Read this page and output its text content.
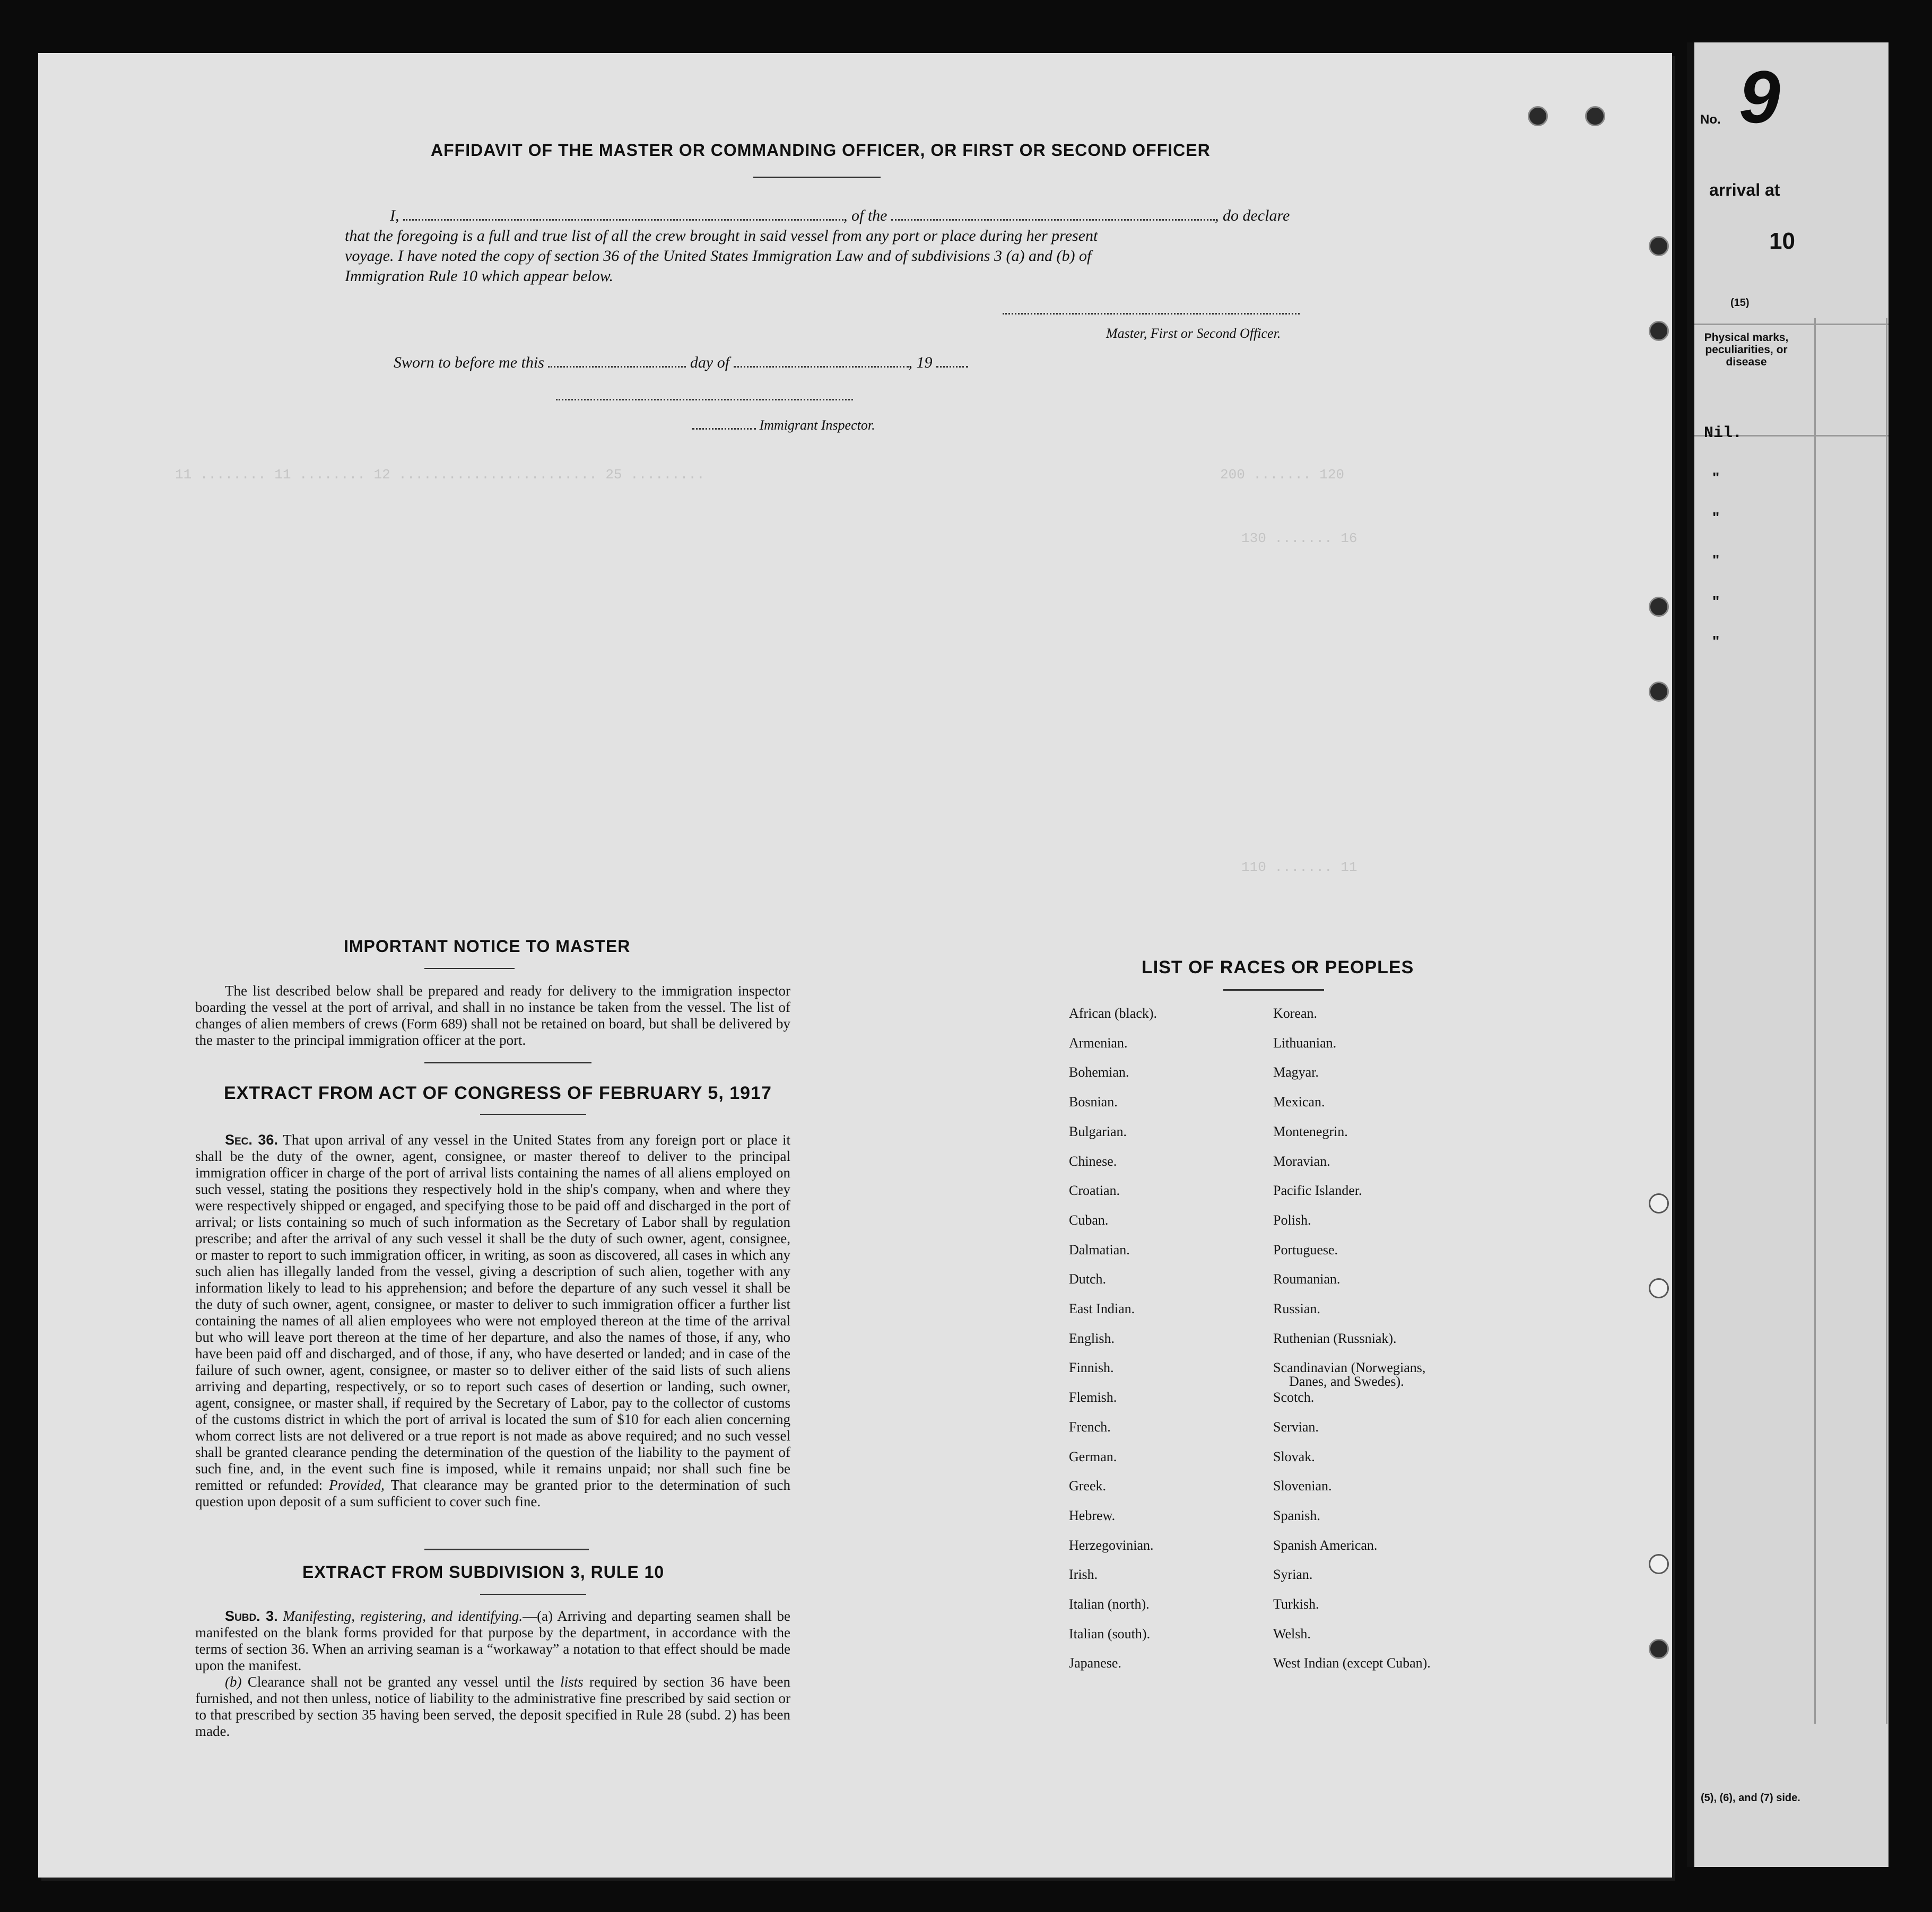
No. 9
arrival at
10
(15)
Physical marks, peculiarities, or disease
Nil.
"
"
"
"
"
(5), (6), and (7) side.
AFFIDAVIT OF THE MASTER OR COMMANDING OFFICER, OR FIRST OR SECOND OFFICER
I,	, of the	, do declare
that the foregoing is a full and true list of all the crew brought in said vessel from any port or place during her present
voyage. I have noted the copy of section 36 of the United States Immigration Law and of subdivisions 3 (a) and (b) of
Immigration Rule 10 which appear below.
Master, First or Second Officer.
Sworn to before me this	day of	, 19
Immigrant Inspector.
11 ........ 11 ........ 12 ........................ 25 .........	200 ....... 120
130 ....... 16
110 ....... 11
IMPORTANT NOTICE TO MASTER

The list described below shall be prepared and ready for delivery to the immigration inspector boarding the vessel at the port of arrival, and shall in no instance be taken from the vessel. The list of changes of alien members of crews (Form 689) shall not be retained on board, but shall be delivered by the master to the principal immigration officer at the port.

EXTRACT FROM ACT OF CONGRESS OF FEBRUARY 5, 1917

Sec. 36. That upon arrival of any vessel in the United States from any foreign port or place it shall be the duty of the owner, agent, consignee, or master thereof to deliver to the principal immigration officer in charge of the port of arrival lists containing the names of all aliens employed on such vessel, stating the positions they respectively hold in the ship's company, when and where they were respectively shipped or engaged, and specifying those to be paid off and discharged in the port of arrival; or lists containing so much of such information as the Secretary of Labor shall by regulation prescribe; and after the arrival of any such vessel it shall be the duty of such owner, agent, consignee, or master to report to such immigration officer, in writing, as soon as discovered, all cases in which any such alien has illegally landed from the vessel, giving a description of such alien, together with any information likely to lead to his apprehension; and before the departure of any such vessel it shall be the duty of such owner, agent, consignee, or master to deliver to such immigration officer a further list containing the names of all alien employees who were not employed thereon at the time of the arrival but who will leave port thereon at the time of her departure, and also the names of those, if any, who have been paid off and discharged, and of those, if any, who have deserted or landed; and in case of the failure of such owner, agent, consignee, or master so to deliver either of the said lists of such aliens arriving and departing, respectively, or so to report such cases of desertion or landing, such owner, agent, consignee, or master shall, if required by the Secretary of Labor, pay to the collector of customs of the customs district in which the port of arrival is located the sum of $10 for each alien concerning whom correct lists are not delivered or a true report is not made as above required; and no such vessel shall be granted clearance pending the determination of the question of the liability to the payment of such fine, and, in the event such fine is imposed, while it remains unpaid; nor shall such fine be remitted or refunded: Provided, That clearance may be granted prior to the determination of such question upon deposit of a sum sufficient to cover such fine.

EXTRACT FROM SUBDIVISION 3, RULE 10

Subd. 3. Manifesting, registering, and identifying.—(a) Arriving and departing seamen shall be manifested on the blank forms provided for that purpose by the department, in accordance with the terms of section 36. When an arriving seaman is a “workaway” a notation to that effect should be made upon the manifest.

(b) Clearance shall not be granted any vessel until the lists required by section 36 have been furnished, and not then unless, notice of liability to the administrative fine prescribed by said section or to that prescribed by section 35 having been served, the deposit specified in Rule 28 (subd. 2) has been made.

LIST OF RACES OR PEOPLES
African (black).
Armenian.
Bohemian.
Bosnian.
Bulgarian.
Chinese.
Croatian.
Cuban.
Dalmatian.
Dutch.
East Indian.
English.
Finnish.
Flemish.
French.
German.
Greek.
Hebrew.
Herzegovinian.
Irish.
Italian (north).
Italian (south).
Japanese.
Korean.
Lithuanian.
Magyar.
Mexican.
Montenegrin.
Moravian.
Pacific Islander.
Polish.
Portuguese.
Roumanian.
Russian.
Ruthenian (Russniak).
Scandinavian (Norwegians,
Scotch.
Servian.
Slovak.
Slovenian.
Spanish.
Spanish American.
Syrian.
Turkish.
Welsh.
West Indian (except Cuban).
Danes, and Swedes).
